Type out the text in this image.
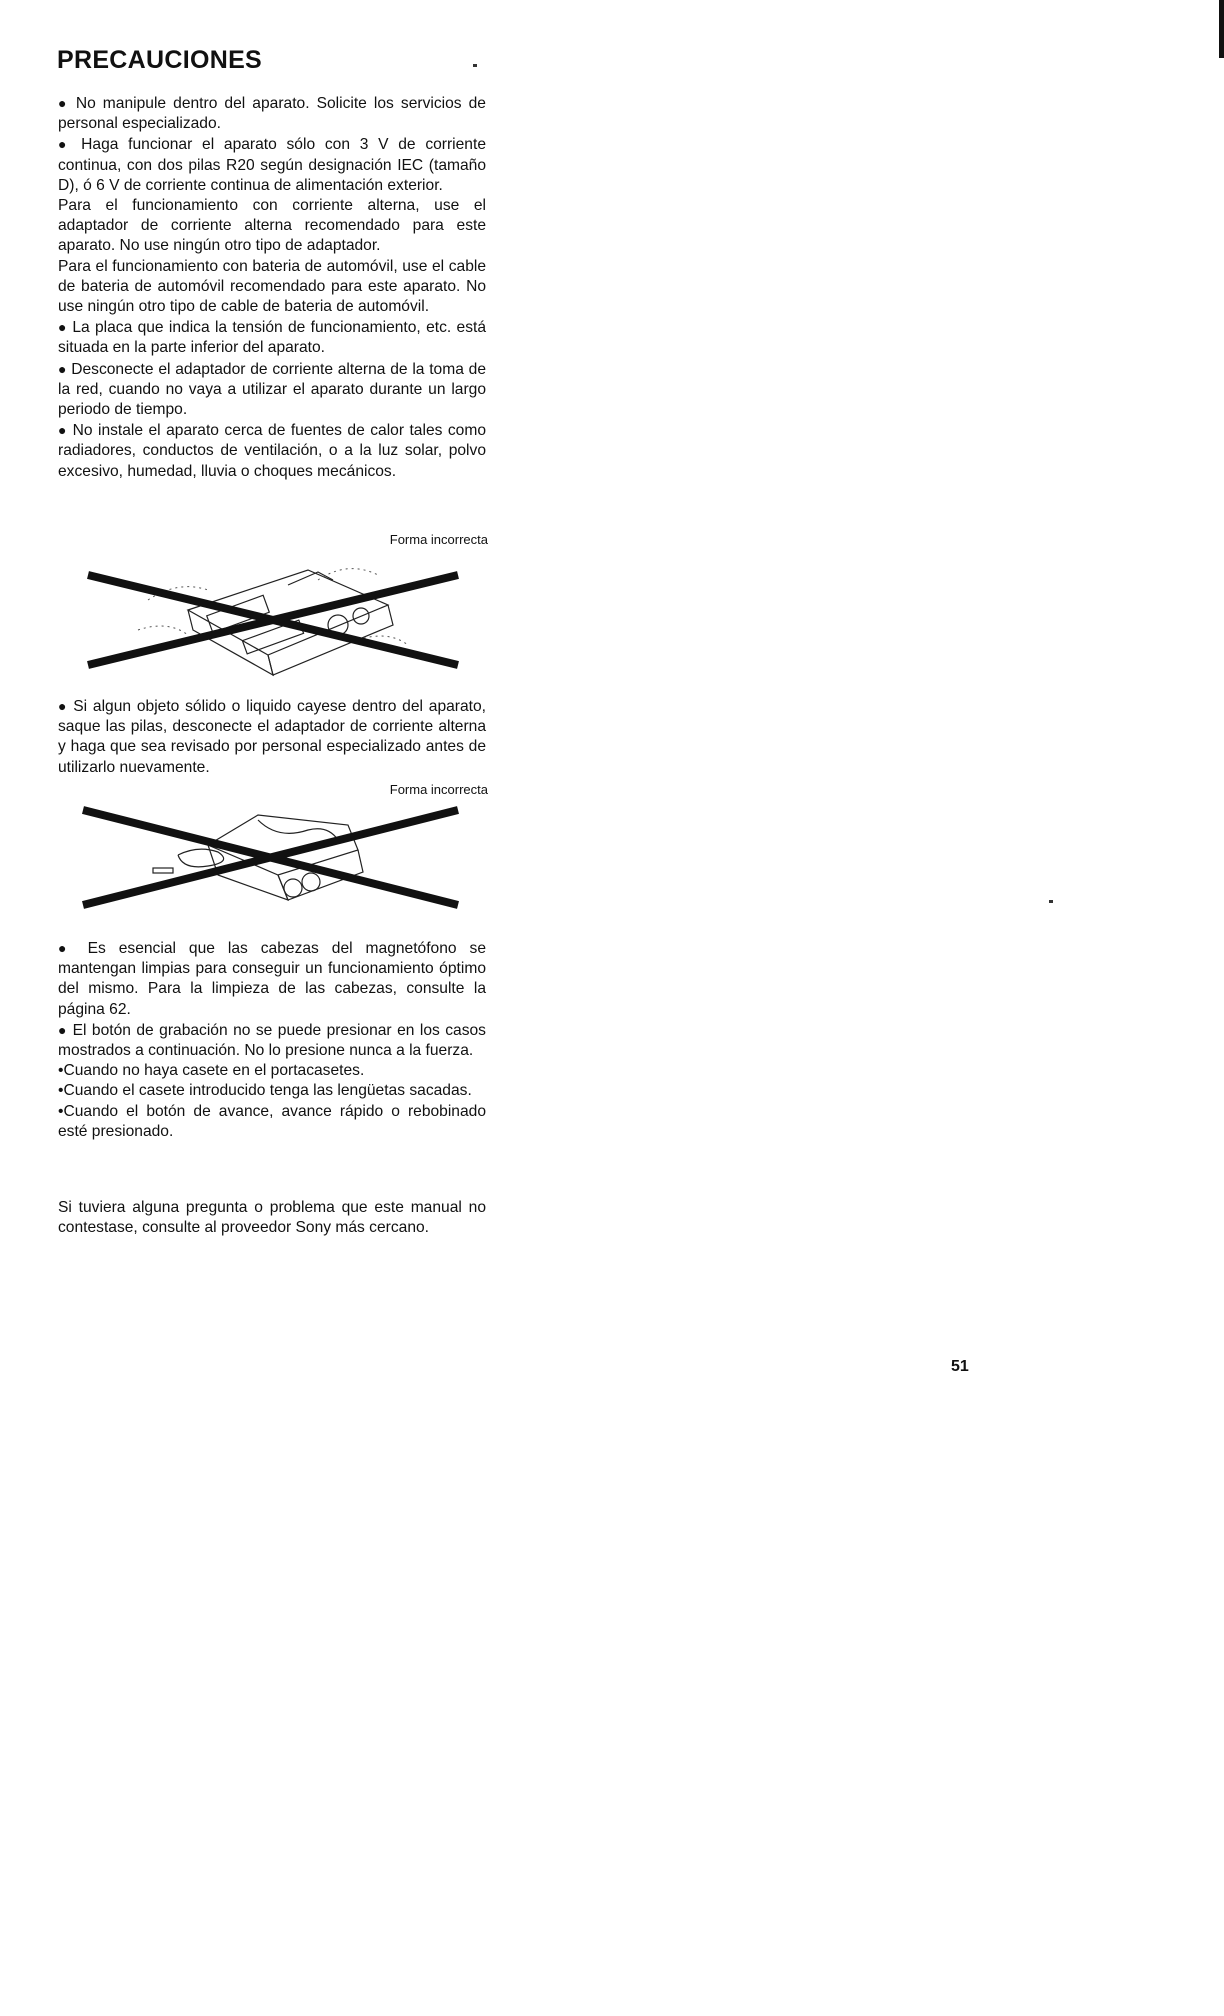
PRECAUCIONES

● No manipule dentro del aparato. Solicite los servicios de personal especializado.

● Haga funcionar el aparato sólo con 3 V de corriente continua, con dos pilas R20 según designación IEC (tamaño D), ó 6 V de corriente continua de alimentación exterior.

Para el funcionamiento con corriente alterna, use el adaptador de corriente alterna recomendado para este aparato. No use ningún otro tipo de adaptador.

Para el funcionamiento con bateria de automóvil, use el cable de bateria de automóvil recomendado para este aparato. No use ningún otro tipo de cable de bateria de automóvil.

● La placa que indica la tensión de funcionamiento, etc. está situada en la parte inferior del aparato.

● Desconecte el adaptador de corriente alterna de la toma de la red, cuando no vaya a utilizar el aparato durante un largo periodo de tiempo.

● No instale el aparato cerca de fuentes de calor tales como radiadores, conductos de ventilación, o a la luz solar, polvo excesivo, humedad, lluvia o choques mecánicos.

Forma incorrecta

● Si algun objeto sólido o liquido cayese dentro del aparato, saque las pilas, desconecte el adaptador de corriente alterna y haga que sea revisado por personal especializado antes de utilizarlo nuevamente.

Forma incorrecta

● Es esencial que las cabezas del magnetófono se mantengan limpias para conseguir un funcionamiento óptimo del mismo. Para la limpieza de las cabezas, consulte la página 62.

● El botón de grabación no se puede presionar en los casos mostrados a continuación. No lo presione nunca a la fuerza.

•Cuando no haya casete en el portacasetes.

•Cuando el casete introducido tenga las lengüetas sacadas.

•Cuando el botón de avance, avance rápido o rebobinado esté presionado.

Si tuviera alguna pregunta o problema que este manual no contestase, consulte al proveedor Sony más cercano.

51
